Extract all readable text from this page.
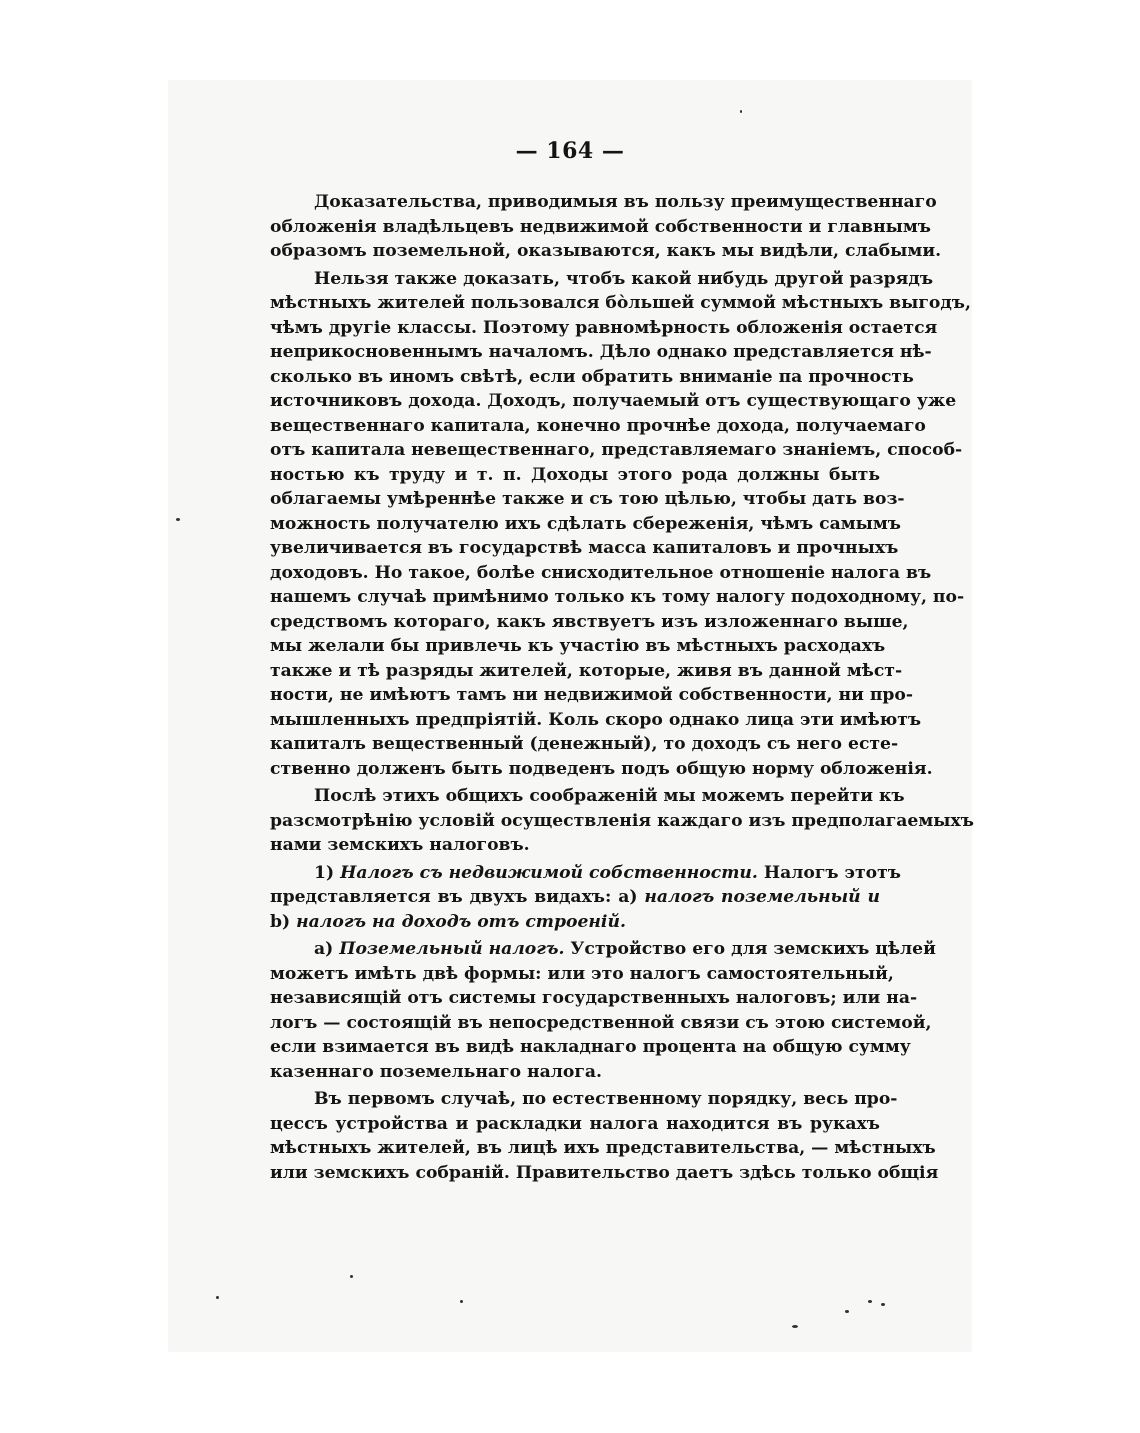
— 164 —
Доказательства, приводимыя въ пользу преимущественнаго
обложенія владѣльцевъ недвижимой собственности и главнымъ
образомъ поземельной, оказываются, какъ мы видѣли, слабыми.
Нельзя также доказать, чтобъ какой нибудь другой разрядъ
мѣстныхъ жителей пользовался бо̀льшей суммой мѣстныхъ выгодъ,
чѣмъ другіе классы. Поэтому равномѣрность обложенія остается
неприкосновеннымъ началомъ. Дѣло однако представляется нѣ-
сколько въ иномъ свѣтѣ, если обратить вниманіе па прочность
источниковъ дохода. Доходъ, получаемый отъ существующаго уже
вещественнаго капитала, конечно прочнѣе дохода, получаемаго
отъ капитала невещественнаго, представляемаго знаніемъ, способ-
ностью къ труду и т. п. Доходы этого рода должны быть
облагаемы умѣреннѣе также и съ тою цѣлью, чтобы дать воз-
можность получателю ихъ сдѣлать сбереженія, чѣмъ самымъ
увеличивается въ государствѣ масса капиталовъ и прочныхъ
доходовъ. Но такое, болѣе снисходительное отношеніе налога въ
нашемъ случаѣ примѣнимо только къ тому налогу подоходному, по-
средствомъ котораго, какъ явствуетъ изъ изложеннаго выше,
мы желали бы привлечь къ участію въ мѣстныхъ расходахъ
также и тѣ разряды жителей, которые, живя въ данной мѣст-
ности, не имѣютъ тамъ ни недвижимой собственности, ни про-
мышленныхъ предпріятій. Коль скоро однако лица эти имѣютъ
капиталъ вещественный (денежный), то доходъ съ него есте-
ственно долженъ быть подведенъ подъ общую норму обложенія.
Послѣ этихъ общихъ соображеній мы можемъ перейти къ
разсмотрѣнію условій осуществленія каждаго изъ предполагаемыхъ
нами земскихъ налоговъ.
1) Налогъ съ недвижимой собственности. Налогъ этотъ
представляется въ двухъ видахъ: a) налогъ поземельный и
b) налогъ на доходъ отъ строеній.
a) Поземельный налогъ. Устройство его для земскихъ цѣлей
можетъ имѣть двѣ формы: или это налогъ самостоятельный,
независящій отъ системы государственныхъ налоговъ; или на-
логъ — состоящій въ непосредственной связи съ этою системой,
если взимается въ видѣ накладнаго процента на общую сумму
казеннаго поземельнаго налога.
Въ первомъ случаѣ, по естественному порядку, весь про-
цессъ устройства и раскладки налога находится въ рукахъ
мѣстныхъ жителей, въ лицѣ ихъ представительства, — мѣстныхъ
или земскихъ собраній. Правительство даетъ здѣсь только общія
